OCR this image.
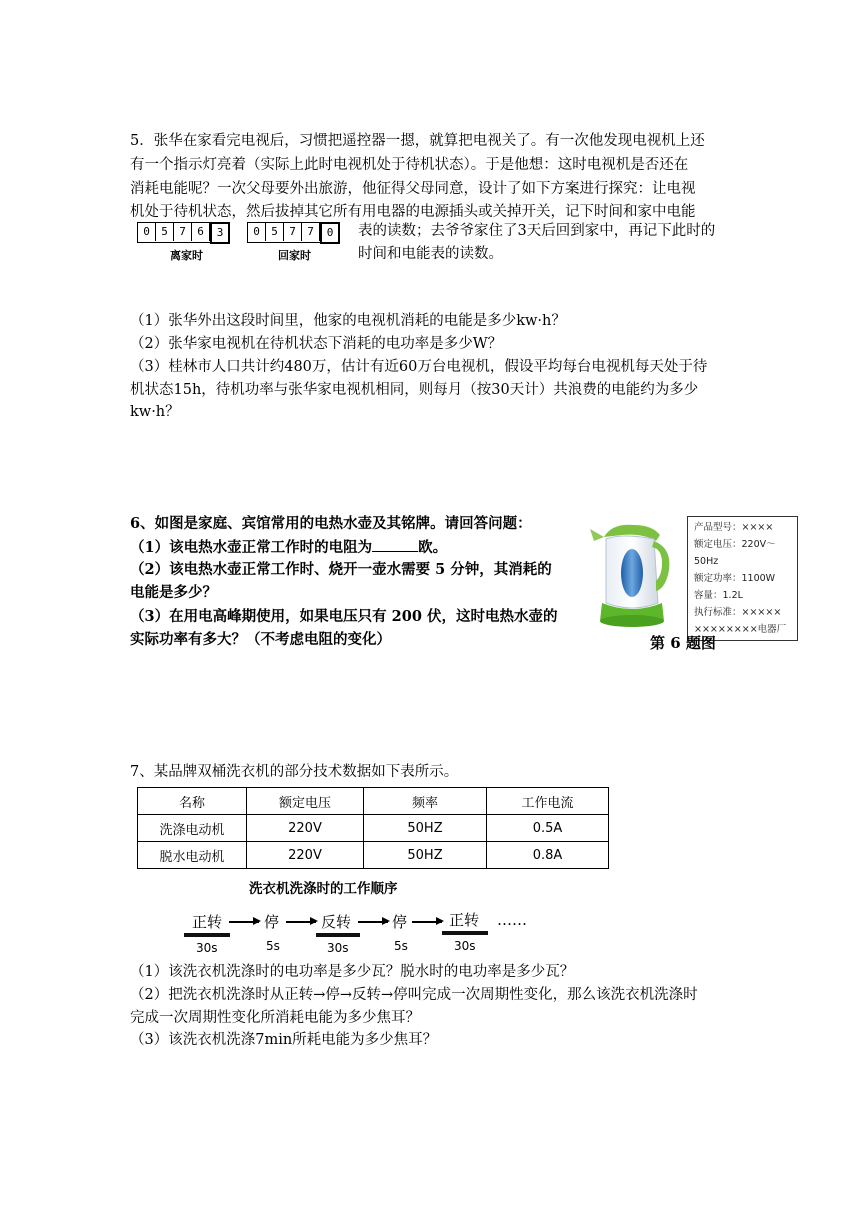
5．张华在家看完电视后，习惯把遥控器一摁，就算把电视关了。有一次他发现电视机上还
有一个指示灯亮着（实际上此时电视机处于待机状态）。于是他想：这时电视机是否还在
消耗电能呢？一次父母要外出旅游，他征得父母同意，设计了如下方案进行探究：让电视
机处于待机状态，然后拔掉其它所有用电器的电源插头或关掉开关，记下时间和家中电能
0	5	7	6	3
离家时
0	5	7	7	0
回家时
表的读数；去爷爷家住了3天后回到家中，再记下此时的
时间和电能表的读数。
（1）张华外出这段时间里，他家的电视机消耗的电能是多少kw·h？
（2）张华家电视机在待机状态下消耗的电功率是多少W？
（3）桂林市人口共计约480万，估计有近60万台电视机，假设平均每台电视机每天处于待
机状态15h，待机功率与张华家电视机相同，则每月（按30天计）共浪费的电能约为多少
kw·h？
6、如图是家庭、宾馆常用的电热水壶及其铭牌。请回答问题：
（1）该电热水壶正常工作时的电阻为	欧。
（2）该电热水壶正常工作时、烧开一壶水需要 5 分钟，其消耗的
电能是多少？
（3）在用电高峰期使用，如果电压只有 200 伏，这时电热水壶的
实际功率有多大？（不考虑电阻的变化）
产品型号：××××
额定电压：220V～50Hz
额定功率：1100W
容量：1.2L
执行标准：×××××
××××××××电器厂
第 6 题图
7、某品牌双桶洗衣机的部分技术数据如下表所示。
名称	额定电压	频率	工作电流
洗涤电动机	220V	50HZ	0.5A
脱水电动机	220V	50HZ	0.8A
洗衣机洗涤时的工作顺序
正转
30s
停
5s
反转
30s
停
5s
正转
30s
……
（1）该洗衣机洗涤时的电功率是多少瓦？脱水时的电功率是多少瓦？
（2）把洗衣机洗涤时从正转→停→反转→停叫完成一次周期性变化，那么该洗衣机洗涤时
完成一次周期性变化所消耗电能为多少焦耳？
（3）该洗衣机洗涤7min所耗电能为多少焦耳？
